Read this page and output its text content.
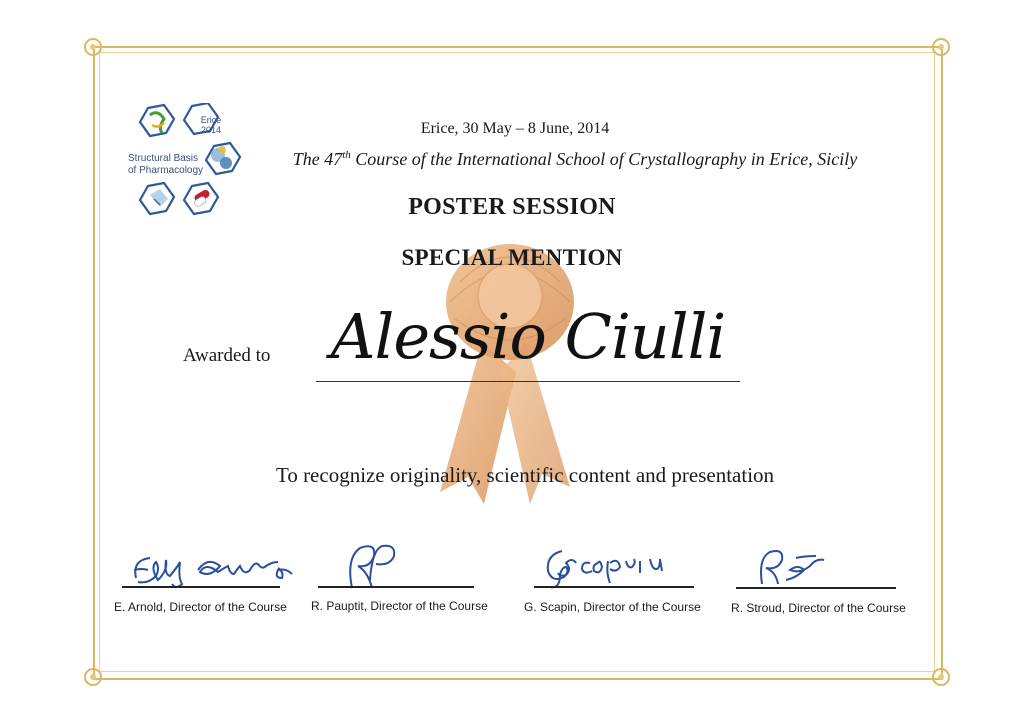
Structural Basis
of Pharmacology
Erice
2014	Erice, 30 May – 8 June, 2014
The 47th Course of the International School of Crystallography in Erice, Sicily
POSTER SESSION
SPECIAL MENTION
Awarded to Alessio Ciulli
To recognize originality, scientific content and presentation
E. Arnold, Director of the Course R. Pauptit, Director of the Course	G. Scapin, Director of the Course	R. Stroud, Director of the Course
